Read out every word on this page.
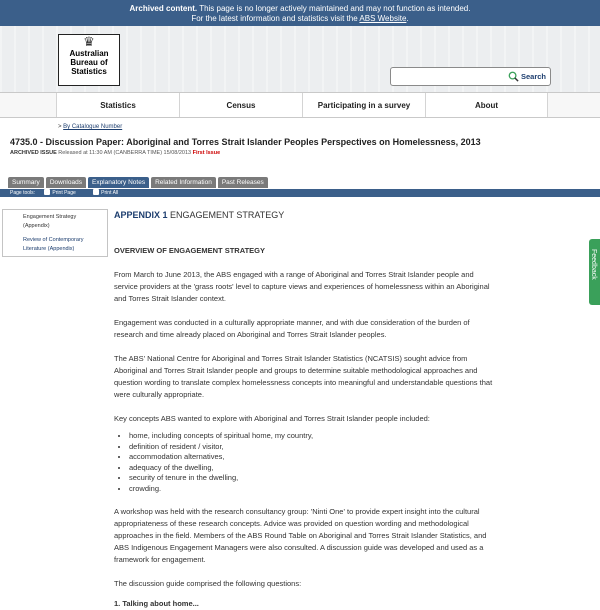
Archived content. This page is no longer actively maintained and may not function as intended.
For the latest information and statistics visit the ABS Website.
♛
Australian
Bureau of
Statistics
Search
Statistics	Census	Participating in a survey	About
> By Catalogue Number
4735.0 - Discussion Paper: Aboriginal and Torres Strait Islander Peoples Perspectives on Homelessness, 2013
ARCHIVED ISSUE Released at 11:30 AM (CANBERRA TIME) 15/08/2013 First Issue
Summary	Downloads	Explanatory Notes	Related Information	Past Releases
Page tools:	Print Page	Print All
Engagement Strategy (Appendix)
Review of Contemporary Literature (Appendix)	Feedback
APPENDIX 1 ENGAGEMENT STRATEGY
OVERVIEW OF ENGAGEMENT STRATEGY

From March to June 2013, the ABS engaged with a range of Aboriginal and Torres Strait Islander people and service providers at the 'grass roots' level to capture views and experiences of homelessness within an Aboriginal and Torres Strait Islander context.

Engagement was conducted in a culturally appropriate manner, and with due consideration of the burden of research and time already placed on Aboriginal and Torres Strait Islander peoples.

The ABS' National Centre for Aboriginal and Torres Strait Islander Statistics (NCATSIS) sought advice from Aboriginal and Torres Strait Islander people and groups to determine suitable methodological approaches and question wording to translate complex homelessness concepts into meaningful and understandable questions that were culturally appropriate.

Key concepts ABS wanted to explore with Aboriginal and Torres Strait Islander people included:

• home, including concepts of spiritual home, my country,
• definition of resident / visitor,
• accommodation alternatives,
• adequacy of the dwelling,
• security of tenure in the dwelling,
• crowding.

A workshop was held with the research consultancy group: 'Ninti One' to provide expert insight into the cultural appropriateness of these research concepts. Advice was provided on question wording and methodological approaches in the field. Members of the ABS Round Table on Aboriginal and Torres Strait Islander Statistics, and ABS Indigenous Engagement Managers were also consulted. A discussion guide was developed and used as a framework for engagement.

The discussion guide comprised the following questions:

1. Talking about home...
